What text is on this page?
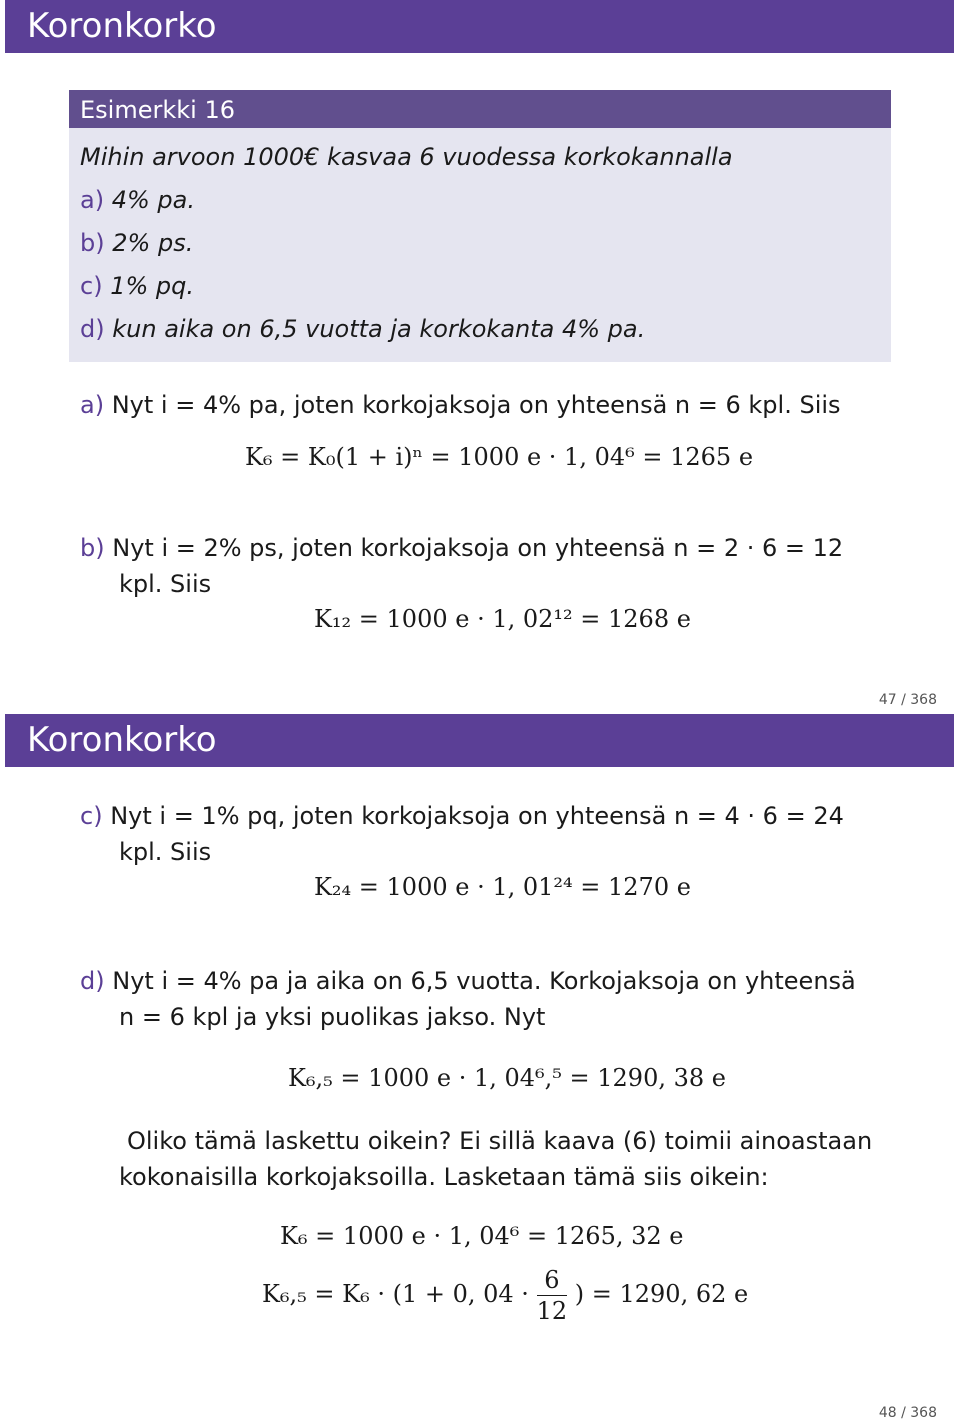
Koronkorko
Esimerkki 16
Mihin arvoon 1000€ kasvaa 6 vuodessa korkokannalla
a) 4% pa.
b) 2% ps.
c) 1% pq.
d) kun aika on 6,5 vuotta ja korkokanta 4% pa.
a) Nyt i = 4% pa, joten korkojaksoja on yhteensä n = 6 kpl. Siis
K₆ = K₀(1 + i)ⁿ = 1000 e · 1, 04⁶ = 1265 e
b) Nyt i = 2% ps, joten korkojaksoja on yhteensä n = 2 · 6 = 12
kpl. Siis
K₁₂ = 1000 e · 1, 02¹² = 1268 e
47 / 368
Koronkorko
c) Nyt i = 1% pq, joten korkojaksoja on yhteensä n = 4 · 6 = 24
kpl. Siis
K₂₄ = 1000 e · 1, 01²⁴ = 1270 e
d) Nyt i = 4% pa ja aika on 6,5 vuotta. Korkojaksoja on yhteensä
n = 6 kpl ja yksi puolikas jakso. Nyt
K₆,₅ = 1000 e · 1, 04⁶,⁵ = 1290, 38 e
Oliko tämä laskettu oikein? Ei sillä kaava (6) toimii ainoastaan
kokonaisilla korkojaksoilla. Lasketaan tämä siis oikein:
K₆ = 1000 e · 1, 04⁶ = 1265, 32 e
K₆,₅ = K₆ · (1 + 0, $04 \cdot \frac{6}{12}$ ) = 1290, 62 e
48 / 368
